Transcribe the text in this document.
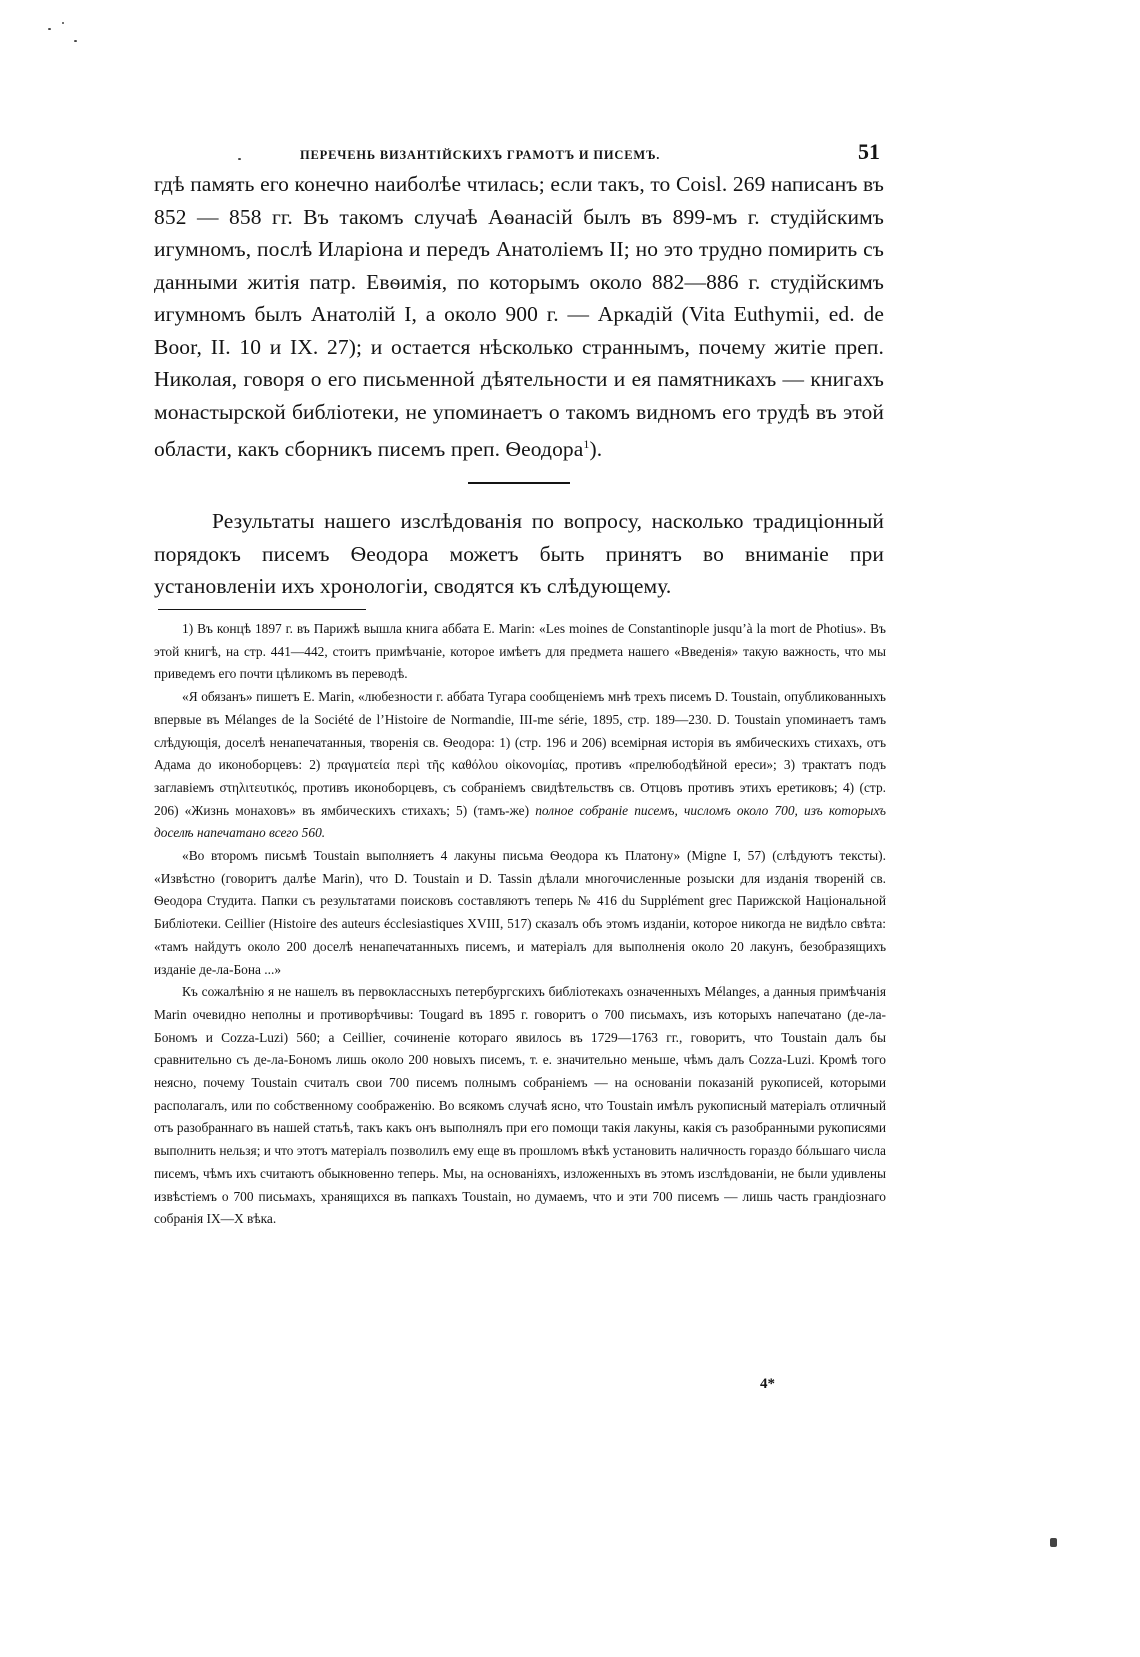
ПЕРЕЧЕНЬ ВИЗАНТІЙСКИХЪ ГРАМОТЪ И ПИСЕМЪ.	51

гдѣ память его конечно наиболѣе чтилась; если такъ, то Coisl. 269 написанъ въ 852 — 858 гг. Въ такомъ случаѣ Аѳанасій былъ въ 899-мъ г. студійскимъ игумномъ, послѣ Иларіона и передъ Анатоліемъ II; но это трудно помирить съ данными житія патр. Евѳимія, по которымъ около 882—886 г. студійскимъ игумномъ былъ Анатолій I, а около 900 г. — Аркадій (Vita Euthymii, ed. de Boor, II. 10 и IX. 27); и остается нѣсколько страннымъ, почему житіе преп. Николая, говоря о его письменной дѣятельности и ея памятникахъ — книгахъ монастырской библіотеки, не упоминаетъ о такомъ видномъ его трудѣ въ этой области, какъ сборникъ писемъ преп. Ѳеодора$^1$).

Результаты нашего изслѣдованія по вопросу, насколько традиціонный порядокъ писемъ Ѳеодора можетъ быть принятъ во вниманіе при установленіи ихъ хронологіи, сводятся къ слѣдующему.

1) Въ концѣ 1897 г. въ Парижѣ вышла книга аббата E. Marin: «Les moines de Constantinople jusqu’à la mort de Photius». Въ этой книгѣ, на стр. 441—442, стоитъ примѣчаніе, которое имѣетъ для предмета нашего «Введенія» такую важность, что мы приведемъ его почти цѣликомъ въ переводѣ.

«Я обязанъ» пишетъ E. Marin, «любезности г. аббата Тугара сообщеніемъ мнѣ трехъ писемъ D. Toustain, опубликованныхъ впервые въ Mélanges de la Société de l’Histoire de Normandie, III-me série, 1895, стр. 189—230. D. Toustain упоминаетъ тамъ слѣдующія, доселѣ ненапечатанныя, творенія св. Ѳеодора: 1) (стр. 196 и 206) всемірная исторія въ ямбическихъ стихахъ, отъ Адама до иконоборцевъ: 2) πραγματεία περὶ τῆς καθόλου οἰκονομίας, противъ «прелюбодѣйной ереси»; 3) трактатъ подъ заглавіемъ στηλιτευτικός, противъ иконоборцевъ, съ собраніемъ свидѣтельствъ св. Отцовъ противъ этихъ еретиковъ; 4) (стр. 206) «Жизнь монаховъ» въ ямбическихъ стихахъ; 5) (тамъ-же) полное собраніе писемъ, числомъ около 700, изъ которыхъ доселѣ напечатано всего 560.

«Во второмъ письмѣ Toustain выполняетъ 4 лакуны письма Ѳеодора къ Платону» (Migne I, 57) (слѣдуютъ тексты). «Извѣстно (говоритъ далѣе Marin), что D. Toustain и D. Tassin дѣлали многочисленные розыски для изданія твореній св. Ѳеодора Студита. Папки съ результатами поисковъ составляютъ теперь № 416 du Supplément grec Парижской Національной Библіотеки. Ceillier (Histoire des auteurs écclesiastiques XVIII, 517) сказалъ объ этомъ изданіи, которое никогда не видѣло свѣта: «тамъ найдутъ около 200 доселѣ ненапечатанныхъ писемъ, и матеріалъ для выполненія около 20 лакунъ, безобразящихъ изданіе де-ла-Бона ...»

Къ сожалѣнію я не нашелъ въ первоклассныхъ петербургскихъ библіотекахъ означенныхъ Mélanges, а данныя примѣчанія Marin очевидно неполны и противорѣчивы: Tougard въ 1895 г. говоритъ о 700 письмахъ, изъ которыхъ напечатано (де-ла-Бономъ и Cozza-Luzi) 560; а Ceillier, сочиненіе котораго явилось въ 1729—1763 гг., говоритъ, что Toustain далъ бы сравнительно съ де-ла-Бономъ лишь около 200 новыхъ писемъ, т. е. значительно меньше, чѣмъ далъ Cozza-Luzi. Кромѣ того неясно, почему Toustain считалъ свои 700 писемъ полнымъ собраніемъ — на основаніи показаній рукописей, которыми располагалъ, или по собственному соображенію. Во всякомъ случаѣ ясно, что Toustain имѣлъ рукописный матеріалъ отличный отъ разобраннаго въ нашей статьѣ, такъ какъ онъ выполнялъ при его помощи такія лакуны, какія съ разобранными рукописями выполнить нельзя; и что этотъ матеріалъ позволилъ ему еще въ прошломъ вѣкѣ установить наличность гораздо бóльшаго числа писемъ, чѣмъ ихъ считаютъ обыкновенно теперь. Мы, на основаніяхъ, изложенныхъ въ этомъ изслѣдованіи, не были удивлены извѣстіемъ о 700 письмахъ, хранящихся въ папкахъ Toustain, но думаемъ, что и эти 700 писемъ — лишь часть грандіознаго собранія IX—X вѣка.

4*
